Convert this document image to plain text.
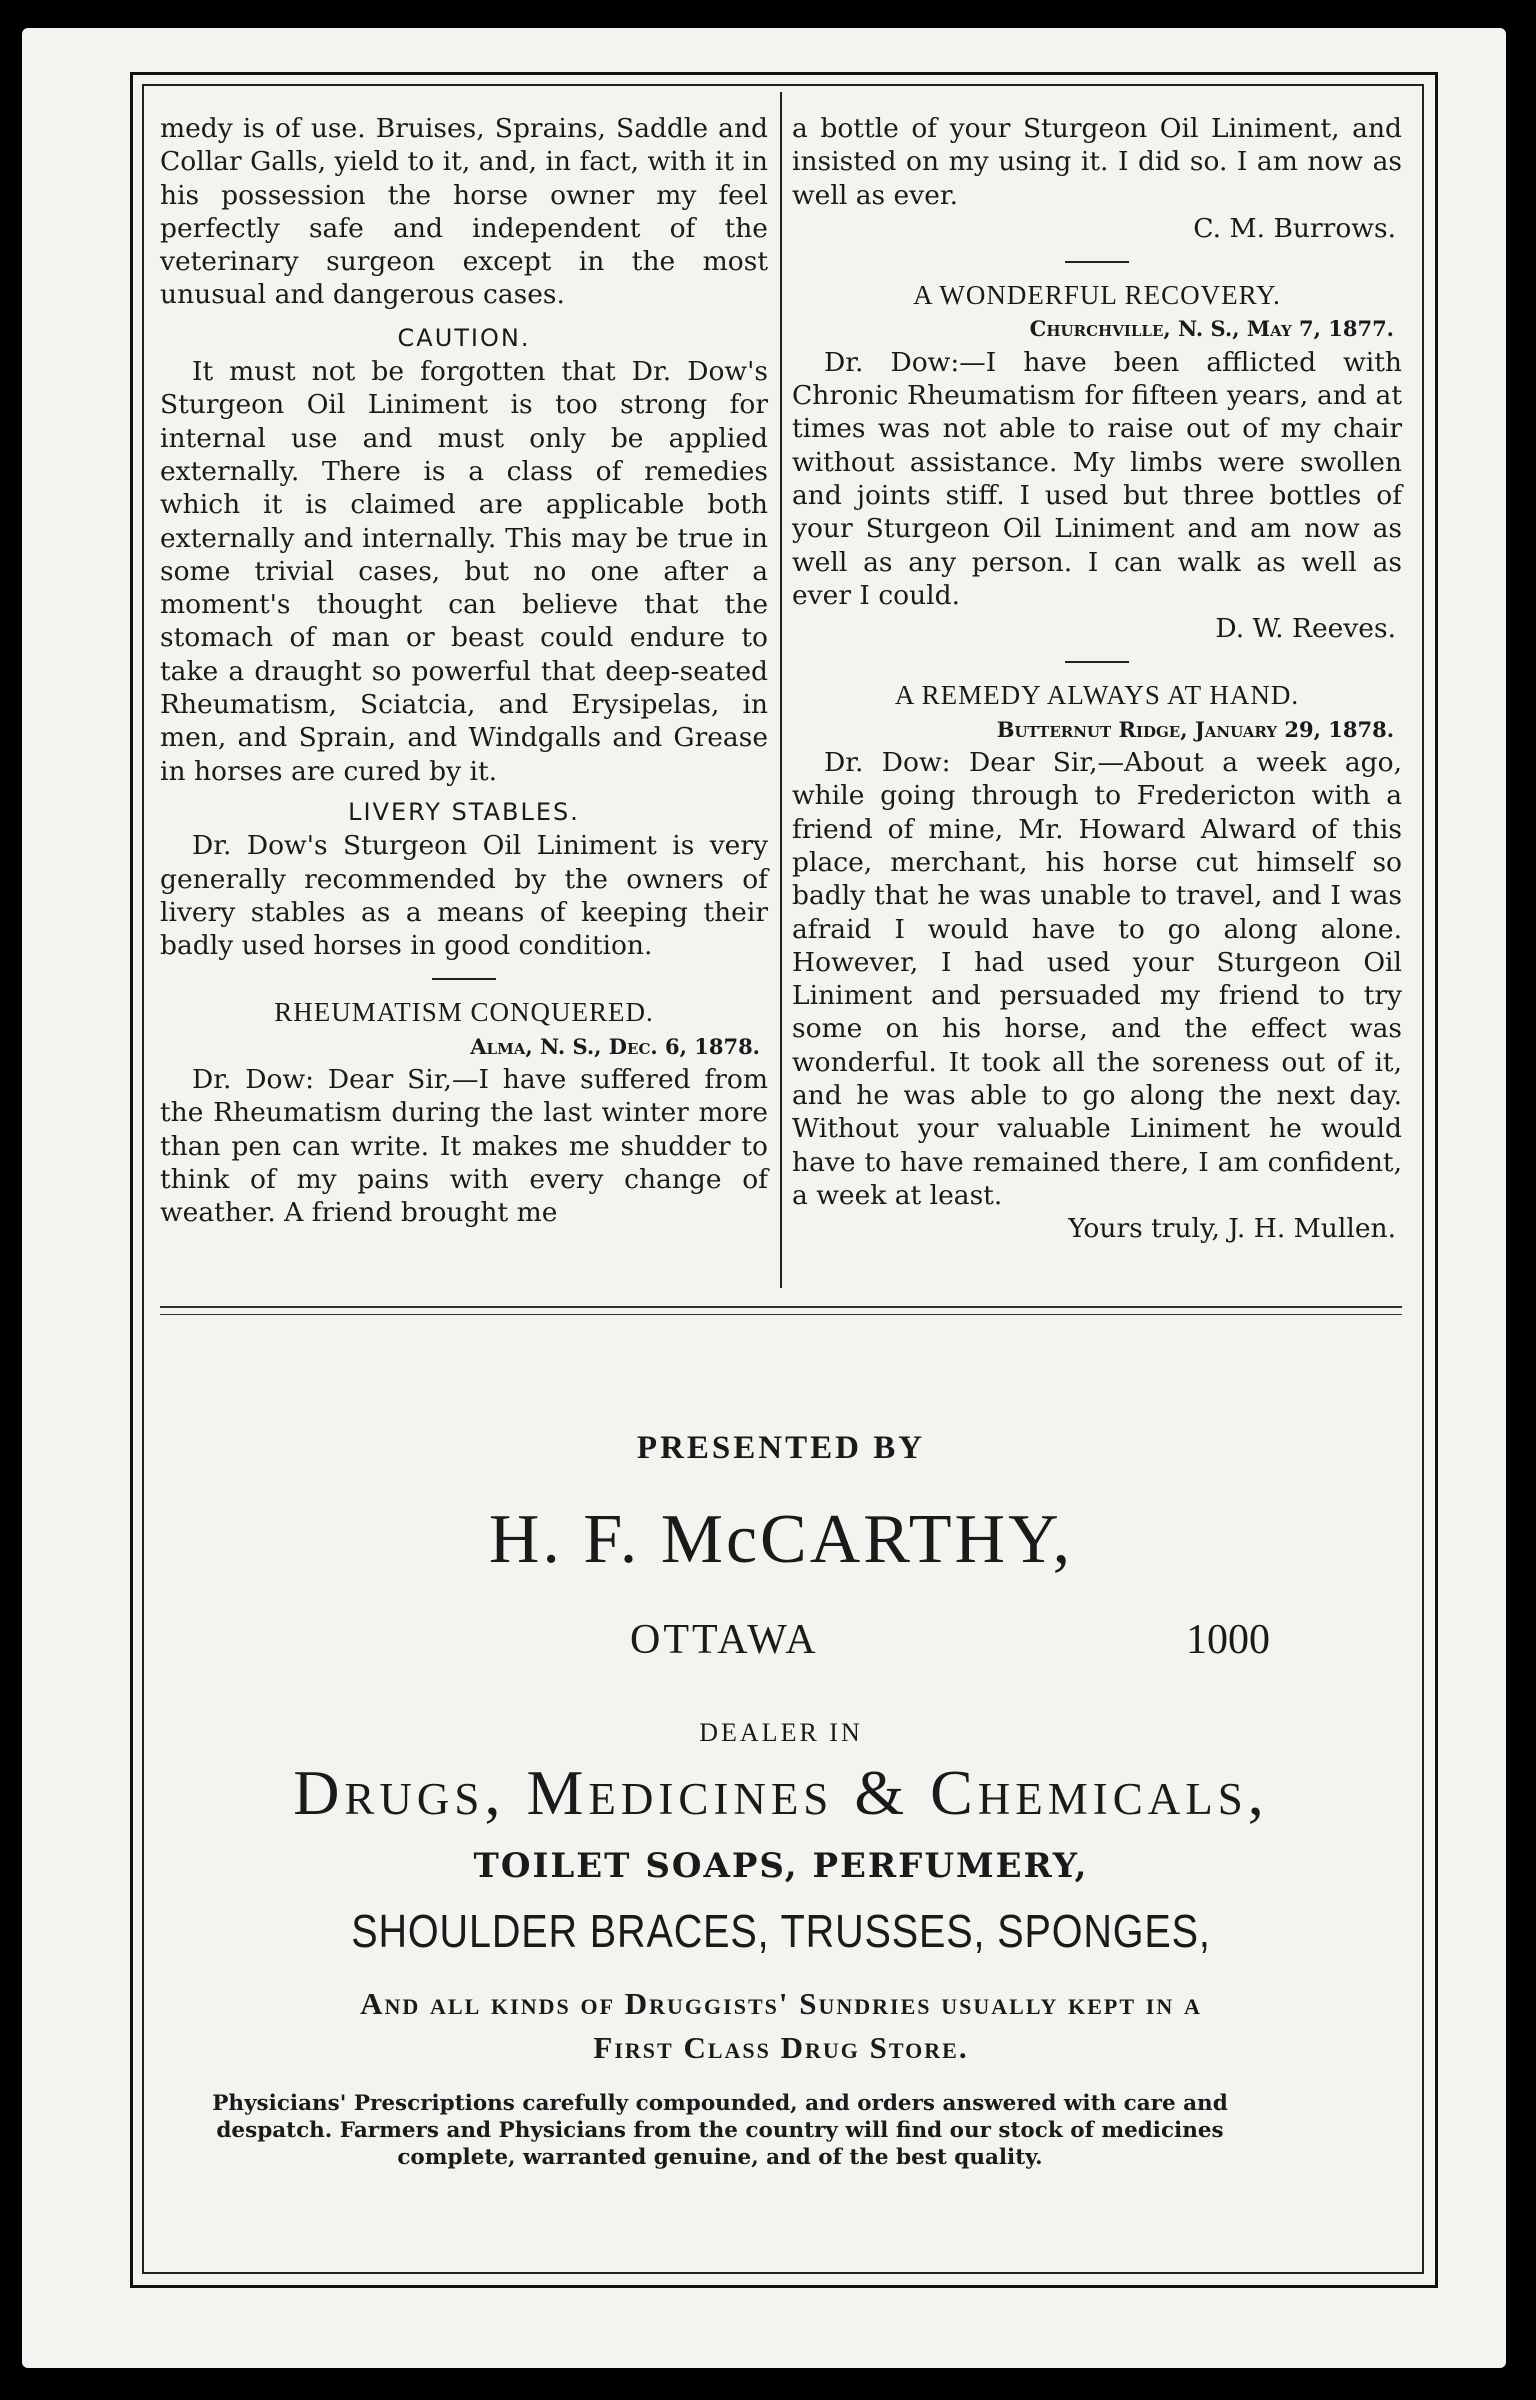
medy is of use. Bruises, Sprains, Saddle and Collar Galls, yield to it, and, in fact, with it in his possession the horse owner my feel perfectly safe and independent of the veterinary surgeon except in the most unusual and dangerous cases.

CAUTION.

It must not be forgotten that Dr. Dow's Sturgeon Oil Liniment is too strong for internal use and must only be applied externally. There is a class of remedies which it is claimed are applicable both externally and internally. This may be true in some trivial cases, but no one after a moment's thought can believe that the stomach of man or beast could endure to take a draught so powerful that deep-seated Rheumatism, Sciatcia, and Erysipelas, in men, and Sprain, and Windgalls and Grease in horses are cured by it.

LIVERY STABLES.

Dr. Dow's Sturgeon Oil Liniment is very generally recommended by the owners of livery stables as a means of keeping their badly used horses in good condition.

RHEUMATISM CONQUERED.

Alma, N. S., Dec. 6, 1878.

Dr. Dow: Dear Sir,—I have suffered from the Rheumatism during the last winter more than pen can write. It makes me shudder to think of my pains with every change of weather. A friend brought me

a bottle of your Sturgeon Oil Liniment, and insisted on my using it. I did so. I am now as well as ever.

C. M. Burrows.

A WONDERFUL RECOVERY.

Churchville, N. S., May 7, 1877.

Dr. Dow:—I have been afflicted with Chronic Rheumatism for fifteen years, and at times was not able to raise out of my chair without assistance. My limbs were swollen and joints stiff. I used but three bottles of your Sturgeon Oil Liniment and am now as well as any person. I can walk as well as ever I could.

D. W. Reeves.

A REMEDY ALWAYS AT HAND.

Butternut Ridge, January 29, 1878.

Dr. Dow: Dear Sir,—About a week ago, while going through to Fredericton with a friend of mine, Mr. Howard Alward of this place, merchant, his horse cut himself so badly that he was unable to travel, and I was afraid I would have to go along alone. However, I had used your Sturgeon Oil Liniment and persuaded my friend to try some on his horse, and the effect was wonderful. It took all the soreness out of it, and he was able to go along the next day. Without your valuable Liniment he would have to have remained there, I am confident, a week at least.

Yours truly, J. H. Mullen.

PRESENTED BY
H. F. McCARTHY,
OTTAWA	1000
DEALER IN
Drugs, Medicines & Chemicals,
TOILET SOAPS, PERFUMERY,
SHOULDER BRACES, TRUSSES, SPONGES,
And all kinds of Druggists' Sundries usually kept in a
First Class Drug Store.
Physicians' Prescriptions carefully compounded, and orders answered with care and despatch. Farmers and Physicians from the country will find our stock of medicines complete, warranted genuine, and of the best quality.
